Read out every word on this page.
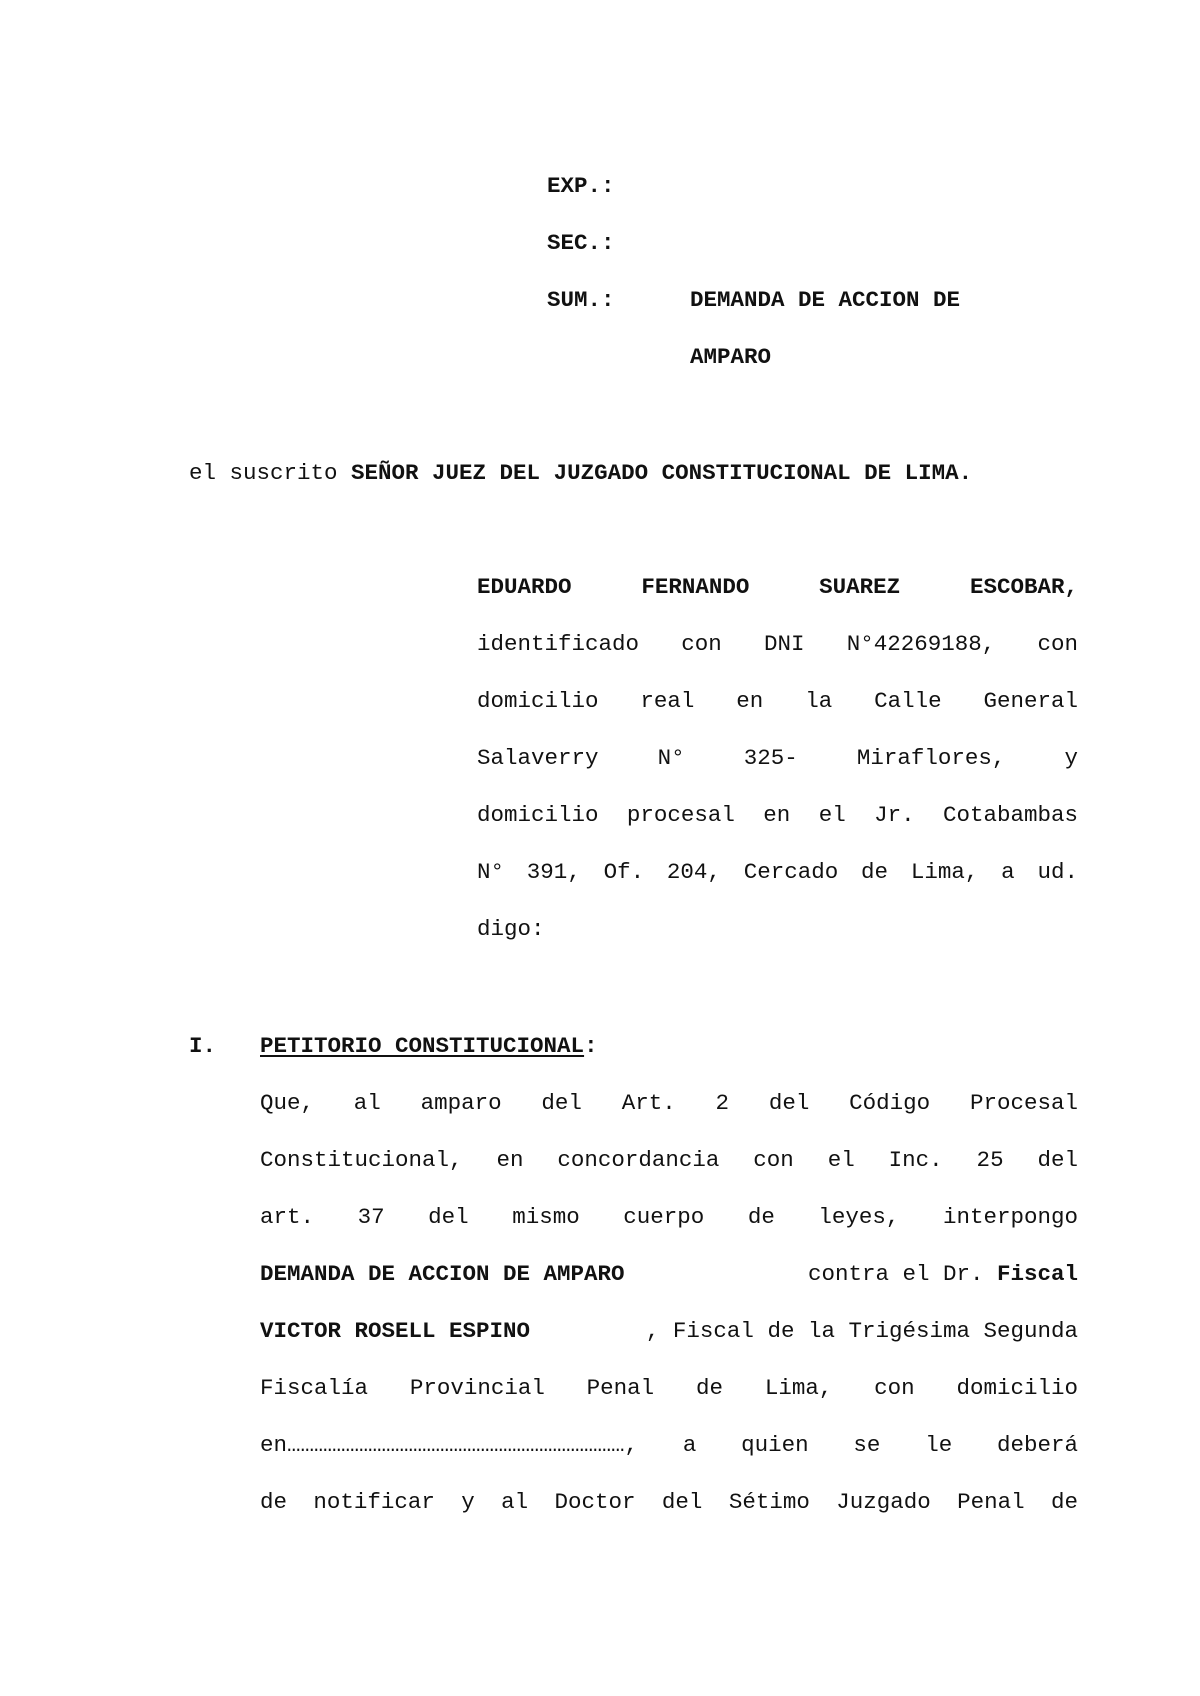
EXP.:
SEC.:
SUM.:	DEMANDA DE ACCION DE
AMPARO
el suscrito SEÑOR JUEZ DEL JUZGADO CONSTITUCIONAL DE LIMA.
EDUARDO FERNANDO SUAREZ ESCOBAR,
identificado con DNI N°42269188, con
domicilio real en la Calle General
Salaverry N° 325- Miraflores, y
domicilio procesal en el Jr. Cotabambas
N° 391, Of. 204, Cercado de Lima, a ud.
digo:
I. PETITORIO CONSTITUCIONAL:
Que, al amparo del Art. 2 del Código Procesal
Constitucional, en concordancia con el Inc. 25 del
art. 37 del mismo cuerpo de leyes, interpongo
DEMANDA DE ACCION DE AMPARO	contra el Dr. Fiscal
VICTOR ROSELL ESPINO	, Fiscal de la Trigésima Segunda
Fiscalía Provincial Penal de Lima, con domicilio
en…………………………………………………………………, a quien se le deberá
de notificar y al Doctor del Sétimo Juzgado Penal de
